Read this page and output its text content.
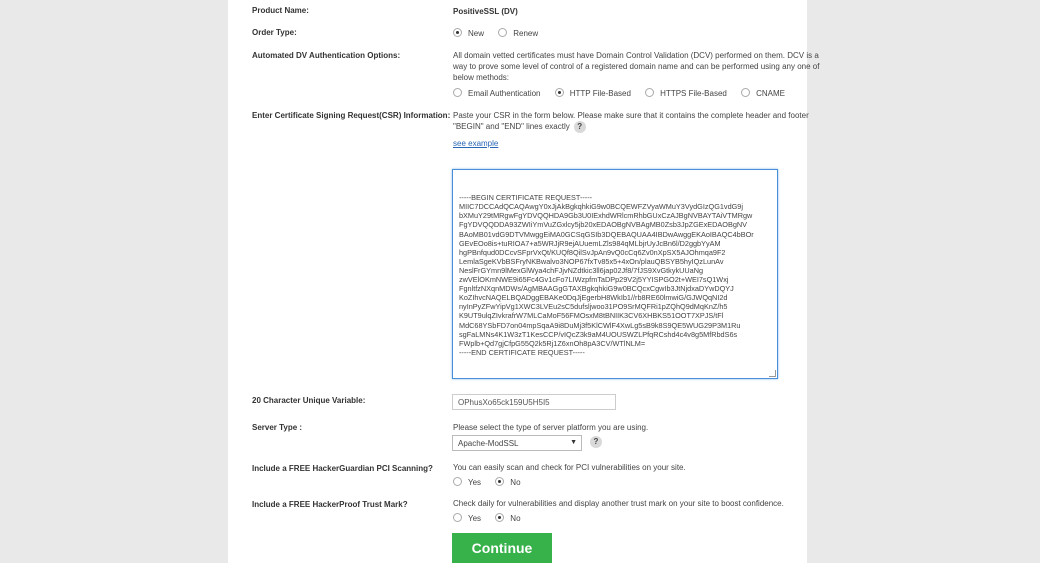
Product Name:	PositiveSSL (DV)
Order Type:	New
	Renew
Automated DV Authentication Options:	All domain vetted certificates must have Domain Control Validation (DCV) performed on them. DCV is a
way to prove some level of control of a registered domain name and can be performed using any one of
below methods:
Email Authentication
	HTTP File-Based
	HTTPS File-Based
	CNAME
Enter Certificate Signing Request(CSR) Information: Paste your CSR in the form below. Please make sure that it contains the complete header and footer
"BEGIN" and "END" lines exactly ?
see example

-----BEGIN CERTIFICATE REQUEST-----
MIIC7DCCAdQCAQAwgY0xJjAkBgkqhkiG9w0BCQEWFZVyaWMuY3VydGIzQG1vdG9j
bXMuY29tMRgwFgYDVQQHDA9Gb3U0IExhdWRlcmRhbGUxCzAJBgNVBAYTAiVTMRgw
FgYDVQQDDA93ZWIiYmVuZGxlcy5jb20xEDAOBgNVBAgMB0Zsb3JpZGExEDAOBgNV
BAoMB01vdG9DTVMwggEiMA0GCSqGSIb3DQEBAQUAA4IBDwAwggEKAoIBAQC4bBOr
GEvEOo8is+tuRIOA7+a5WRJjR9ejAUuemLZls984qMLbjrUyJcBn6l/D2ggbYyAM
hgPBnfqud0DCcvSFprVxQt/KUQf8QilSvJpAn9vQ0cCq6Zv0nXpSX5AJOhmqa9F2
LemlaSgeKVbBSFryNKBwalvo3NOP67fxTv85x5+4xOn/plauQBSYB5hyIQzLunAv
NeslFrGYmn9lMexGlWya4chFJjvNZdtkic3ll6jap02Jf8/7fJS9XvGtkykUUaNg
zwVElOKmNWE9i65Fc4Gv1cFo7LIWzpfmTaDPp29V2j5YYISPGO2t+WEI7sQ1Wxj
FgnltfzNXqnMDWs/AgMBAAGgGTAXBgkqhkiG9w0BCQcxCgwIb3JtNjdxaDYwDQYJ
KoZIhvcNAQELBQADggEBAKe0DqJjEgerbH8WkIb1//rb8RE60lmwiG/GJWQqNI2d
nyInPyZFwYipVg1XWC3LVEu2sC5dufsljwoo31PO9SrMQFRi1pZQhQ9dMqKnZ/h5
K9UT9ulqZIvkrafrW7MLCaMoF56FMOsxM8tBNIIK3CV6XHBKS51OOT7XPJS/tFl
MdC68YSbFD7on04mpSqaA9i8DuMj3f5KlCWlF4XwLg5sB9k8S9QE5WUG29P3M1Ru
sgFaLMNs4K1W3zT1KesCCP/vIQcZ3k9aM4UOUSWZLPfqRCshd4c4v8g5MfRbdS6s
FWplb+Qd7gjCfpG55Q2k5Rj1Z6xnOh8pA3CV/WTlNLM=
-----END CERTIFICATE REQUEST-----

20 Character Unique Variable:	OPhusXo65ck159U5H5I5
Server Type :	Please select the type of server platform you are using.
Apache-ModSSL	▼	?
Include a FREE HackerGuardian PCI Scanning?	You can easily scan and check for PCI vulnerabilities on your site.
Yes
	No
Include a FREE HackerProof Trust Mark?	Check daily for vulnerabilities and display another trust mark on your site to boost confidence.
Yes
	No
Continue
